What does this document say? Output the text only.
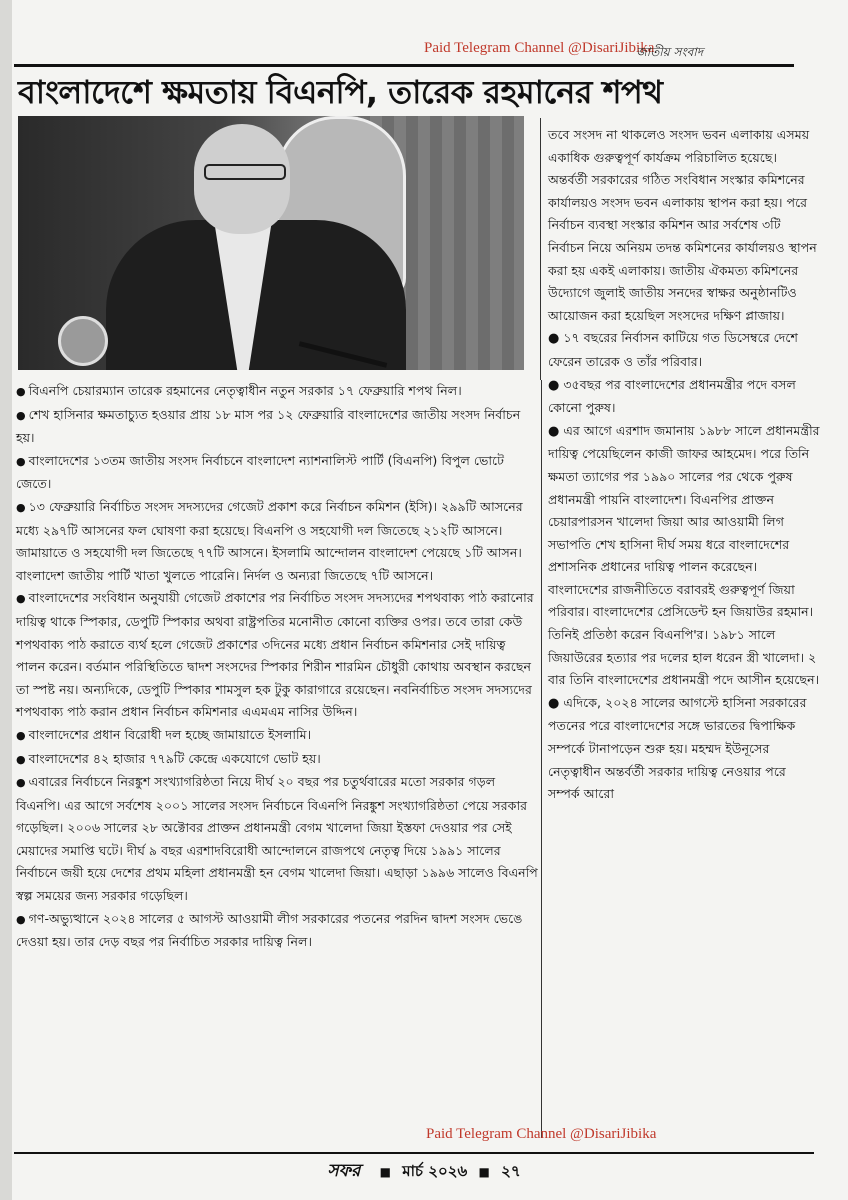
Paid Telegram Channel @DisariJibika
জাতীয় সংবাদ
বাংলাদেশে ক্ষমতায় বিএনপি, তারেক রহমানের শপথ

● বিএনপি চেয়ারম্যান তারেক রহমানের নেতৃত্বাধীন নতুন সরকার ১৭ ফেব্রুয়ারি শপথ নিল।

● শেখ হাসিনার ক্ষমতাচ্যুত হওয়ার প্রায় ১৮ মাস পর ১২ ফেব্রুয়ারি বাংলাদেশের জাতীয় সংসদ নির্বাচন হয়।

● বাংলাদেশের ১৩তম জাতীয় সংসদ নির্বাচনে বাংলাদেশ ন্যাশনালিস্ট পার্টি (বিএনপি) বিপুল ভোটে জেতে।

● ১৩ ফেব্রুয়ারি নির্বাচিত সংসদ সদস্যদের গেজেট প্রকাশ করে নির্বাচন কমিশন (ইসি)। ২৯৯টি আসনের মধ্যে ২৯৭টি আসনের ফল ঘোষণা করা হয়েছে। বিএনপি ও সহযোগী দল জিতেছে ২১২টি আসনে। জামায়াতে ও সহযোগী দল জিতেছে ৭৭টি আসনে। ইসলামি আন্দোলন বাংলাদেশ পেয়েছে ১টি আসন। বাংলাদেশ জাতীয় পার্টি খাতা খুলতে পারেনি। নির্দল ও অন্যরা জিতেছে ৭টি আসনে।

● বাংলাদেশের সংবিধান অনুযায়ী গেজেট প্রকাশের পর নির্বাচিত সংসদ সদস্যদের শপথবাক্য পাঠ করানোর দায়িত্ব থাকে স্পিকার, ডেপুটি স্পিকার অথবা রাষ্ট্রপতির মনোনীত কোনো ব্যক্তির ওপর। তবে তারা কেউ শপথবাক্য পাঠ করাতে ব্যর্থ হলে গেজেট প্রকাশের ৩দিনের মধ্যে প্রধান নির্বাচন কমিশনার সেই দায়িত্ব পালন করেন। বর্তমান পরিস্থিতিতে দ্বাদশ সংসদের স্পিকার শিরীন শারমিন চৌধুরী কোথায় অবস্থান করছেন তা স্পষ্ট নয়। অন্যদিকে, ডেপুটি স্পিকার শামসুল হক টুকু কারাগারে রয়েছেন। নবনির্বাচিত সংসদ সদস্যদের শপথবাক্য পাঠ করান প্রধান নির্বাচন কমিশনার এএমএম নাসির উদ্দিন।

● বাংলাদেশের প্রধান বিরোধী দল হচ্ছে জামায়াতে ইসলামি।

● বাংলাদেশের ৪২ হাজার ৭৭৯টি কেন্দ্রে একযোগে ভোট হয়।

● এবারের নির্বাচনে নিরঙ্কুশ সংখ্যাগরিষ্ঠতা নিয়ে দীর্ঘ ২০ বছর পর চতুর্থবারের মতো সরকার গড়ল বিএনপি। এর আগে সর্বশেষ ২০০১ সালের সংসদ নির্বাচনে বিএনপি নিরঙ্কুশ সংখ্যাগরিষ্ঠতা পেয়ে সরকার গড়েছিল। ২০০৬ সালের ২৮ অক্টোবর প্রাক্তন প্রধানমন্ত্রী বেগম খালেদা জিয়া ইস্তফা দেওয়ার পর সেই মেয়াদের সমাপ্তি ঘটে। দীর্ঘ ৯ বছর এরশাদবিরোধী আন্দোলনে রাজপথে নেতৃত্ব দিয়ে ১৯৯১ সালের নির্বাচনে জয়ী হয়ে দেশের প্রথম মহিলা প্রধানমন্ত্রী হন বেগম খালেদা জিয়া। এছাড়া ১৯৯৬ সালেও বিএনপি স্বল্প সময়ের জন্য সরকার গড়েছিল।

● গণ-অভ্যুত্থানে ২০২৪ সালের ৫ আগস্ট আওয়ামী লীগ সরকারের পতনের পরদিন দ্বাদশ সংসদ ভেঙে দেওয়া হয়। তার দেড় বছর পর নির্বাচিত সরকার দায়িত্ব নিল।

তবে সংসদ না থাকলেও সংসদ ভবন এলাকায় এসময় একাধিক গুরুত্বপূর্ণ কার্যক্রম পরিচালিত হয়েছে। অন্তর্বর্তী সরকারের গঠিত সংবিধান সংস্কার কমিশনের কার্যালয়ও সংসদ ভবন এলাকায় স্থাপন করা হয়। পরে নির্বাচন ব্যবস্থা সংস্কার কমিশন আর সর্বশেষ ৩টি নির্বাচন নিয়ে অনিয়ম তদন্ত কমিশনের কার্যালয়ও স্থাপন করা হয় একই এলাকায়। জাতীয় ঐকমত্য কমিশনের উদ্যোগে জুলাই জাতীয় সনদের স্বাক্ষর অনুষ্ঠানটিও আয়োজন করা হয়েছিল সংসদের দক্ষিণ প্লাজায়।

● ১৭ বছরের নির্বাসন কাটিয়ে গত ডিসেম্বরে দেশে ফেরেন তারেক ও তাঁর পরিবার।

● ৩৫বছর পর বাংলাদেশের প্রধানমন্ত্রীর পদে বসল কোনো পুরুষ।

● এর আগে এরশাদ জমানায় ১৯৮৮ সালে প্রধানমন্ত্রীর দায়িত্ব পেয়েছিলেন কাজী জাফর আহমেদ। পরে তিনি ক্ষমতা ত্যাগের পর ১৯৯০ সালের পর থেকে পুরুষ প্রধানমন্ত্রী পায়নি বাংলাদেশ। বিএনপির প্রাক্তন চেয়ারপারসন খালেদা জিয়া আর আওয়ামী লিগ সভাপতি শেখ হাসিনা দীর্ঘ সময় ধরে বাংলাদেশের প্রশাসনিক প্রধানের দায়িত্ব পালন করেছেন। বাংলাদেশের রাজনীতিতে বরাবরই গুরুত্বপূর্ণ জিয়া পরিবার। বাংলাদেশের প্রেসিডেন্ট হন জিয়াউর রহমান। তিনিই প্রতিষ্ঠা করেন বিএনপি'র। ১৯৮১ সালে জিয়াউরের হত্যার পর দলের হাল ধরেন স্ত্রী খালেদা। ২ বার তিনি বাংলাদেশের প্রধানমন্ত্রী পদে আসীন হয়েছেন।

● এদিকে, ২০২৪ সালের আগস্টে হাসিনা সরকারের পতনের পরে বাংলাদেশের সঙ্গে ভারতের দ্বিপাক্ষিক সম্পর্কে টানাপড়েন শুরু হয়। মহম্মদ ইউনূসের নেতৃত্বাধীন অন্তর্বর্তী সরকার দায়িত্ব নেওয়ার পরে সম্পর্ক আরো

Paid Telegram Channel @DisariJibika
সফর ■ মার্চ ২০২৬ ■ ২৭
